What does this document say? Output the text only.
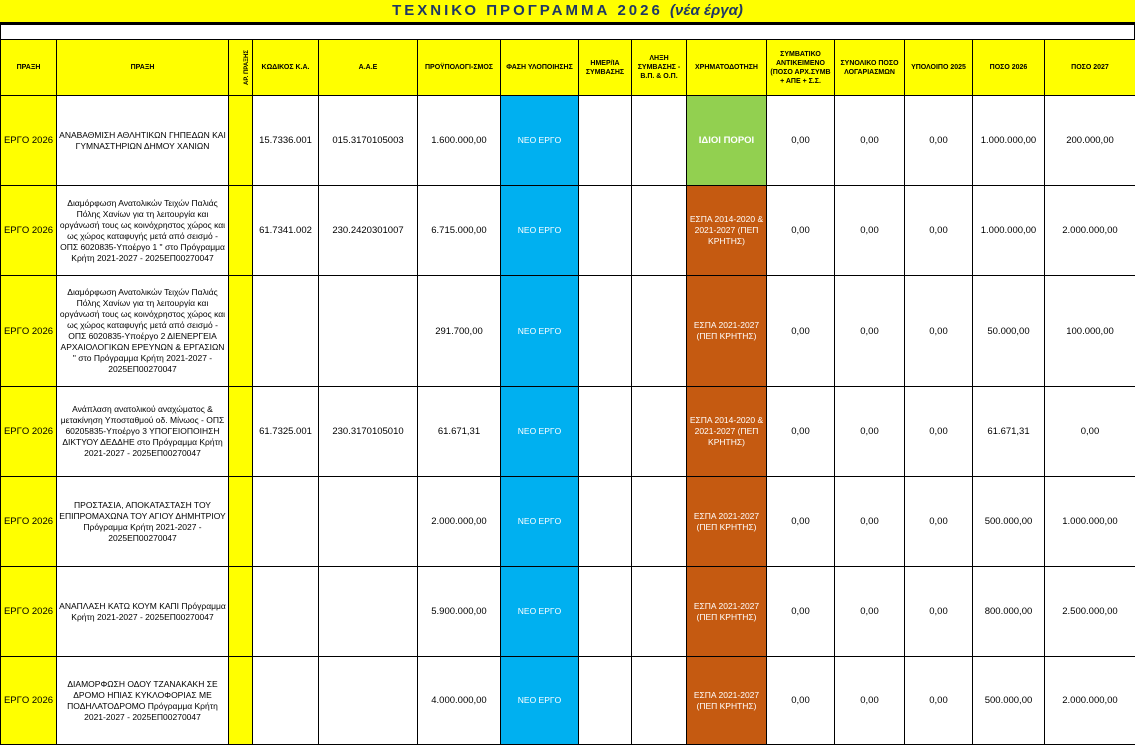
ΤΕΧΝΙΚΟ ΠΡΟΓΡΑΜΜΑ 2026 (νέα έργα)
ΠΡΑΞΗ	ΠΡΑΞΗ	ΑΡ. ΠΡΑΞΗΣ	ΚΩΔΙΚΟΣ Κ.Α.	Α.Α.Ε	ΠΡΟΫΠΟΛΟΓΙ-ΣΜΟΣ	ΦΑΣΗ ΥΛΟΠΟΙΗΣΗΣ	ΗΜΕΡ/ΙΑ ΣΥΜΒΑΣΗΣ	ΛΗΞΗ ΣΥΜΒΑΣΗΣ - Β.Π. & Ο.Π.	ΧΡΗΜΑΤΟΔΟΤΗΣΗ	ΣΥΜΒΑΤΙΚΟ ΑΝΤΙΚΕΙΜΕΝΟ (ΠΟΣΟ ΑΡΧ.ΣΥΜΒ + ΑΠΕ + Σ.Σ.	ΣΥΝΟΛΙΚΟ ΠΟΣΟ ΛΟΓΑΡΙΑΣΜΩΝ	ΥΠΟΛΟΙΠΟ 2025	ΠΟΣΟ 2026	ΠΟΣΟ 2027
ΕΡΓΟ 2026	ΑΝΑΒΑΘΜΙΣΗ ΑΘΛΗΤΙΚΩΝ ΓΗΠΕΔΩΝ ΚΑΙ ΓΥΜΝΑΣΤΗΡΙΩΝ ΔΗΜΟΥ ΧΑΝΙΩΝ		15.7336.001	015.3170105003	1.600.000,00	ΝΕΟ ΕΡΓΟ			ΙΔΙΟΙ ΠΟΡΟΙ	0,00	0,00	0,00	1.000.000,00	200.000,00
ΕΡΓΟ 2026	Διαμόρφωση Ανατολικών Τειχών Παλιάς Πόλης Χανίων για τη λειτουργία και οργάνωσή τους ως κοινόχρηστος χώρος και ως χώρος καταφυγής μετά από σεισμό - ΟΠΣ 6020835-Υποέργο 1 " στο Πρόγραμμα Κρήτη 2021-2027 - 2025ΕΠ00270047		61.7341.002	230.2420301007	6.715.000,00	ΝΕΟ ΕΡΓΟ			ΕΣΠΑ 2014-2020 & 2021-2027 (ΠΕΠ ΚΡΗΤΗΣ)	0,00	0,00	0,00	1.000.000,00	2.000.000,00
ΕΡΓΟ 2026	Διαμόρφωση Ανατολικών Τειχών Παλιάς Πόλης Χανίων για τη λειτουργία και οργάνωσή τους ως κοινόχρηστος χώρος και ως χώρος καταφυγής μετά από σεισμό - ΟΠΣ 6020835-Υποέργο 2 ΔΙΕΝΕΡΓΕΙΑ ΑΡΧΑΙΟΛΟΓΙΚΩΝ ΕΡΕΥΝΩΝ & ΕΡΓΑΣΙΩΝ " στο Πρόγραμμα Κρήτη 2021-2027 - 2025ΕΠ00270047				291.700,00	ΝΕΟ ΕΡΓΟ			ΕΣΠΑ 2021-2027 (ΠΕΠ ΚΡΗΤΗΣ)	0,00	0,00	0,00	50.000,00	100.000,00
ΕΡΓΟ 2026	Ανάπλαση ανατολικού αναχώματος & μετακίνηση Υποσταθμού οδ. Μίνωος - ΟΠΣ 60205835-Υποέργο 3 ΥΠΟΓΕΙΟΠΟΙΗΣΗ ΔΙΚΤΥΟΥ ΔΕΔΔΗΕ στο Πρόγραμμα Κρήτη 2021-2027 - 2025ΕΠ00270047		61.7325.001	230.3170105010	61.671,31	ΝΕΟ ΕΡΓΟ			ΕΣΠΑ 2014-2020 & 2021-2027 (ΠΕΠ ΚΡΗΤΗΣ)	0,00	0,00	0,00	61.671,31	0,00
ΕΡΓΟ 2026	ΠΡΟΣΤΑΣΙΑ, ΑΠΟΚΑΤΑΣΤΑΣΗ ΤΟΥ ΕΠΙΠΡΟΜΑΧΩΝΑ ΤΟΥ ΑΓΙΟΥ ΔΗΜΗΤΡΙΟΥ Πρόγραμμα Κρήτη 2021-2027 - 2025ΕΠ00270047				2.000.000,00	ΝΕΟ ΕΡΓΟ			ΕΣΠΑ 2021-2027 (ΠΕΠ ΚΡΗΤΗΣ)	0,00	0,00	0,00	500.000,00	1.000.000,00
ΕΡΓΟ 2026	ΑΝΑΠΛΑΣΗ ΚΑΤΩ ΚΟΥΜ ΚΑΠΙ Πρόγραμμα Κρήτη 2021-2027 - 2025ΕΠ00270047				5.900.000,00	ΝΕΟ ΕΡΓΟ			ΕΣΠΑ 2021-2027 (ΠΕΠ ΚΡΗΤΗΣ)	0,00	0,00	0,00	800.000,00	2.500.000,00
ΕΡΓΟ 2026	ΔΙΑΜΟΡΦΩΣΗ ΟΔΟΥ ΤΖΑΝΑΚΑΚΗ ΣΕ ΔΡΟΜΟ ΗΠΙΑΣ ΚΥΚΛΟΦΟΡΙΑΣ ΜΕ ΠΟΔΗΛΑΤΟΔΡΟΜΟ Πρόγραμμα Κρήτη 2021-2027 - 2025ΕΠ00270047				4.000.000,00	ΝΕΟ ΕΡΓΟ			ΕΣΠΑ 2021-2027 (ΠΕΠ ΚΡΗΤΗΣ)	0,00	0,00	0,00	500.000,00	2.000.000,00
